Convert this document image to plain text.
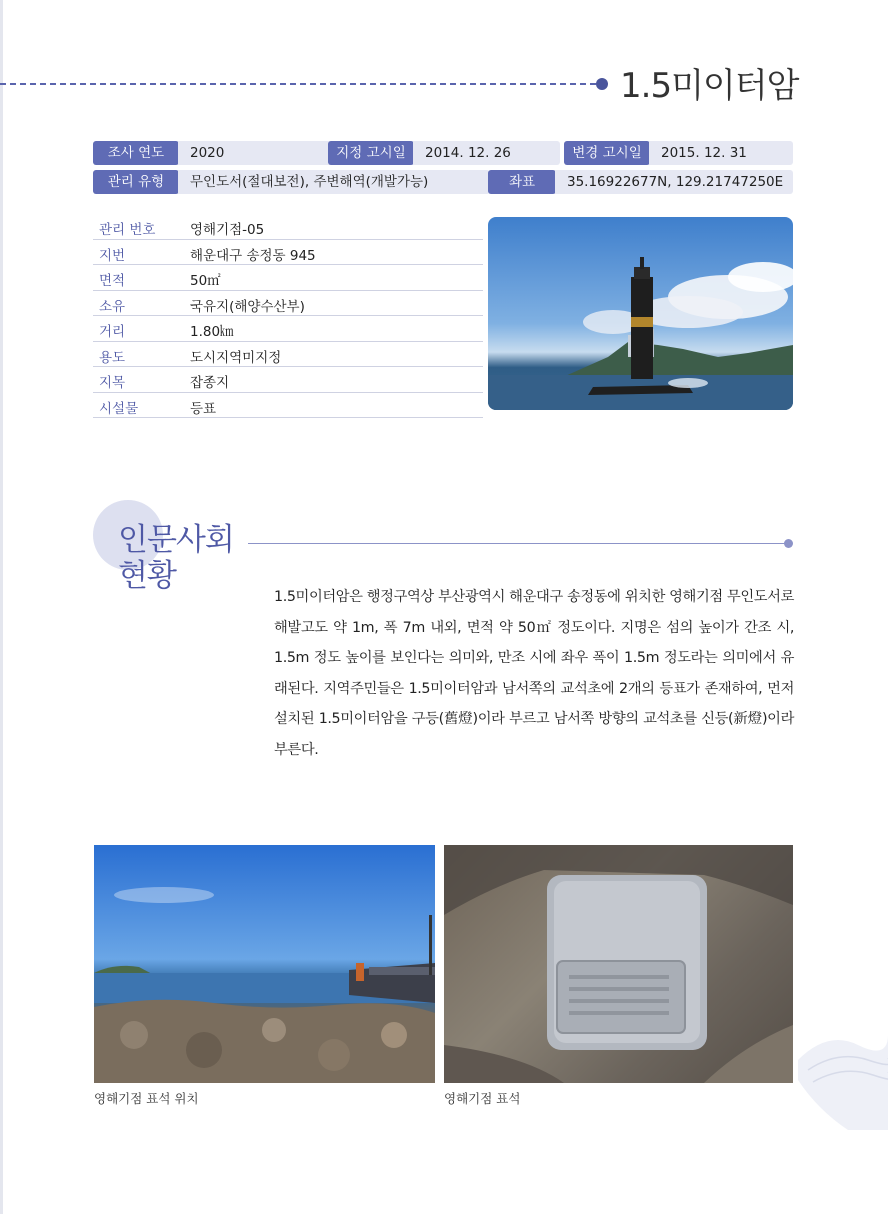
1.5미이터암
조사 연도	2020	지정 고시일	2014. 12. 26	변경 고시일	2015. 12. 31
관리 유형	무인도서(절대보전), 주변해역(개발가능)	좌표	35.16922677N, 129.21747250E
관리 번호	영해기점-05
지번	해운대구 송정동 945
면적	50㎡
소유	국유지(해양수산부)
거리	1.80㎞
용도	도시지역미지정
지목	잡종지
시설물	등표
인문사회
현황
1.5미이터암은 행정구역상 부산광역시 해운대구 송정동에 위치한 영해기점 무인도서로 해발고도 약 1m, 폭 7m 내외, 면적 약 50㎡ 정도이다. 지명은 섬의 높이가 간조 시, 1.5m 정도 높이를 보인다는 의미와, 만조 시에 좌우 폭이 1.5m 정도라는 의미에서 유래된다. 지역주민들은 1.5미이터암과 남서쪽의 교석초에 2개의 등표가 존재하여, 먼저 설치된 1.5미이터암을 구등(舊燈)이라 부르고 남서쪽 방향의 교석초를 신등(新燈)이라 부른다.
영해기점 표석 위치	영해기점 표석
